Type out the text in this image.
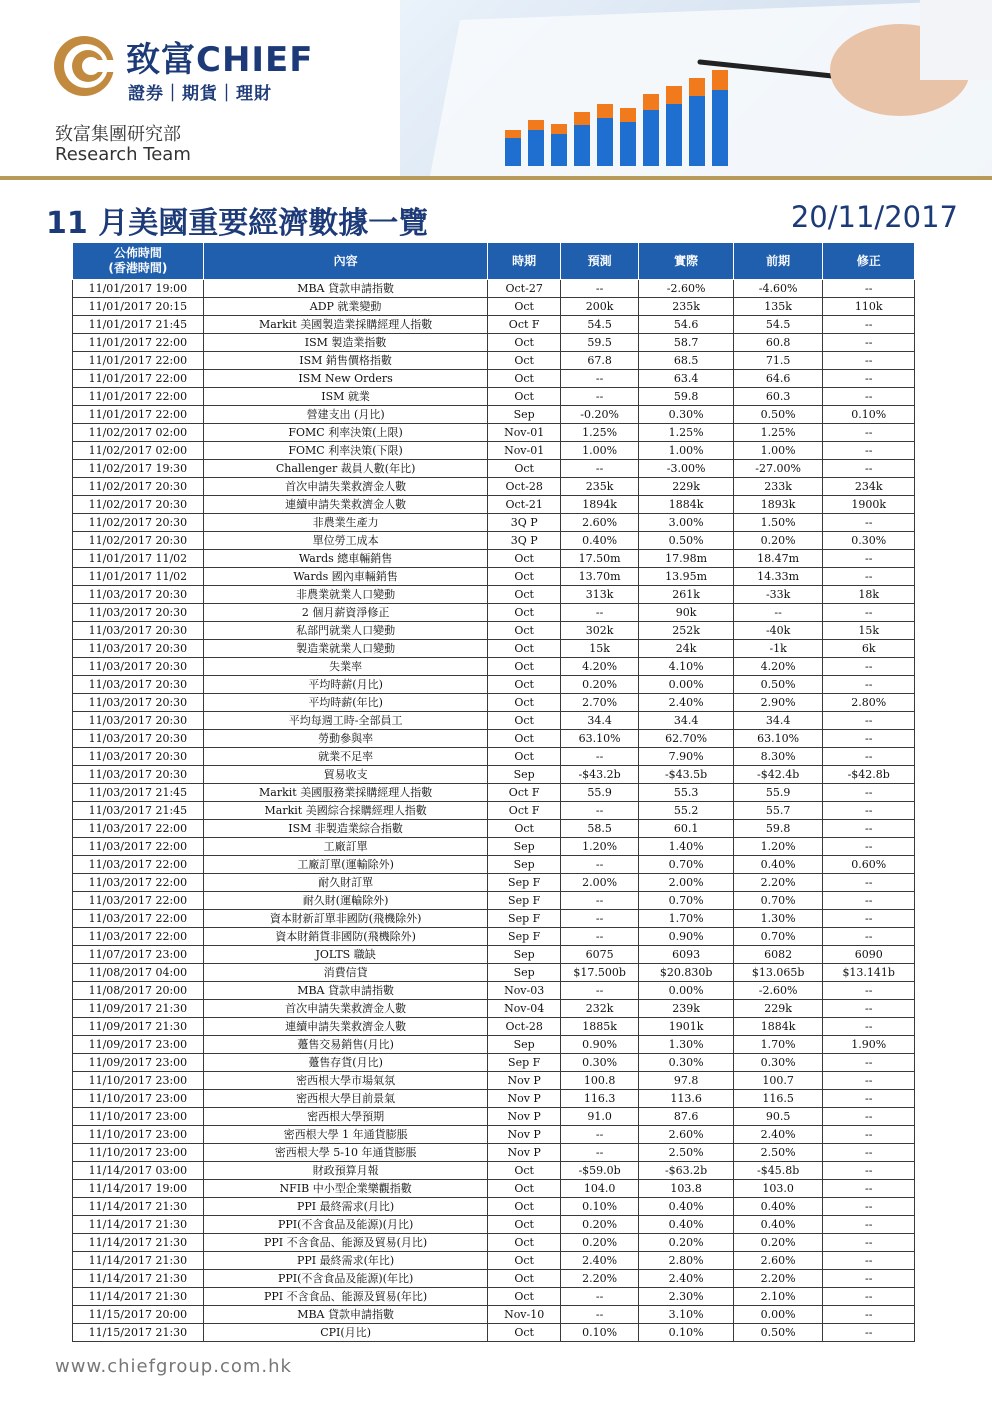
致富CHIEF
證券｜期貨｜理財
致富集團研究部
Research Team
11 月美國重要經濟數據一覽	20/11/2017
公佈時間
(香港時間)	內容	時期	預測	實際	前期	修正
11/01/2017 19:00	MBA 貸款申請指數	Oct-27	--	-2.60%	-4.60%	--
11/01/2017 20:15	ADP 就業變動	Oct	200k	235k	135k	110k
11/01/2017 21:45	Markit 美國製造業採購經理人指數	Oct F	54.5	54.6	54.5	--
11/01/2017 22:00	ISM 製造業指數	Oct	59.5	58.7	60.8	--
11/01/2017 22:00	ISM 銷售價格指數	Oct	67.8	68.5	71.5	--
11/01/2017 22:00	ISM New Orders	Oct	--	63.4	64.6	--
11/01/2017 22:00	ISM 就業	Oct	--	59.8	60.3	--
11/01/2017 22:00	營建支出 (月比)	Sep	-0.20%	0.30%	0.50%	0.10%
11/02/2017 02:00	FOMC 利率決策(上限)	Nov-01	1.25%	1.25%	1.25%	--
11/02/2017 02:00	FOMC 利率決策(下限)	Nov-01	1.00%	1.00%	1.00%	--
11/02/2017 19:30	Challenger 裁員人數(年比)	Oct	--	-3.00%	-27.00%	--
11/02/2017 20:30	首次申請失業救濟金人數	Oct-28	235k	229k	233k	234k
11/02/2017 20:30	連續申請失業救濟金人數	Oct-21	1894k	1884k	1893k	1900k
11/02/2017 20:30	非農業生產力	3Q P	2.60%	3.00%	1.50%	--
11/02/2017 20:30	單位勞工成本	3Q P	0.40%	0.50%	0.20%	0.30%
11/01/2017 11/02	Wards 總車輛銷售	Oct	17.50m	17.98m	18.47m	--
11/01/2017 11/02	Wards 國內車輛銷售	Oct	13.70m	13.95m	14.33m	--
11/03/2017 20:30	非農業就業人口變動	Oct	313k	261k	-33k	18k
11/03/2017 20:30	2 個月薪資淨修正	Oct	--	90k	--	--
11/03/2017 20:30	私部門就業人口變動	Oct	302k	252k	-40k	15k
11/03/2017 20:30	製造業就業人口變動	Oct	15k	24k	-1k	6k
11/03/2017 20:30	失業率	Oct	4.20%	4.10%	4.20%	--
11/03/2017 20:30	平均時薪(月比)	Oct	0.20%	0.00%	0.50%	--
11/03/2017 20:30	平均時薪(年比)	Oct	2.70%	2.40%	2.90%	2.80%
11/03/2017 20:30	平均每週工時-全部員工	Oct	34.4	34.4	34.4	--
11/03/2017 20:30	勞動參與率	Oct	63.10%	62.70%	63.10%	--
11/03/2017 20:30	就業不足率	Oct	--	7.90%	8.30%	--
11/03/2017 20:30	貿易收支	Sep	-$43.2b	-$43.5b	-$42.4b	-$42.8b
11/03/2017 21:45	Markit 美國服務業採購經理人指數	Oct F	55.9	55.3	55.9	--
11/03/2017 21:45	Markit 美國綜合採購經理人指數	Oct F	--	55.2	55.7	--
11/03/2017 22:00	ISM 非製造業綜合指數	Oct	58.5	60.1	59.8	--
11/03/2017 22:00	工廠訂單	Sep	1.20%	1.40%	1.20%	--
11/03/2017 22:00	工廠訂單(運輸除外)	Sep	--	0.70%	0.40%	0.60%
11/03/2017 22:00	耐久財訂單	Sep F	2.00%	2.00%	2.20%	--
11/03/2017 22:00	耐久財(運輸除外)	Sep F	--	0.70%	0.70%	--
11/03/2017 22:00	資本財新訂單非國防(飛機除外)	Sep F	--	1.70%	1.30%	--
11/03/2017 22:00	資本財銷貨非國防(飛機除外)	Sep F	--	0.90%	0.70%	--
11/07/2017 23:00	JOLTS 職缺	Sep	6075	6093	6082	6090
11/08/2017 04:00	消費信貸	Sep	$17.500b	$20.830b	$13.065b	$13.141b
11/08/2017 20:00	MBA 貸款申請指數	Nov-03	--	0.00%	-2.60%	--
11/09/2017 21:30	首次申請失業救濟金人數	Nov-04	232k	239k	229k	--
11/09/2017 21:30	連續申請失業救濟金人數	Oct-28	1885k	1901k	1884k	--
11/09/2017 23:00	躉售交易銷售(月比)	Sep	0.90%	1.30%	1.70%	1.90%
11/09/2017 23:00	躉售存貨(月比)	Sep F	0.30%	0.30%	0.30%	--
11/10/2017 23:00	密西根大學市場氣氛	Nov P	100.8	97.8	100.7	--
11/10/2017 23:00	密西根大學目前景氣	Nov P	116.3	113.6	116.5	--
11/10/2017 23:00	密西根大學預期	Nov P	91.0	87.6	90.5	--
11/10/2017 23:00	密西根大學 1 年通貨膨脹	Nov P	--	2.60%	2.40%	--
11/10/2017 23:00	密西根大學 5-10 年通貨膨脹	Nov P	--	2.50%	2.50%	--
11/14/2017 03:00	財政預算月報	Oct	-$59.0b	-$63.2b	-$45.8b	--
11/14/2017 19:00	NFIB 中小型企業樂觀指數	Oct	104.0	103.8	103.0	--
11/14/2017 21:30	PPI 最終需求(月比)	Oct	0.10%	0.40%	0.40%	--
11/14/2017 21:30	PPI(不含食品及能源)(月比)	Oct	0.20%	0.40%	0.40%	--
11/14/2017 21:30	PPI 不含食品、能源及貿易(月比)	Oct	0.20%	0.20%	0.20%	--
11/14/2017 21:30	PPI 最終需求(年比)	Oct	2.40%	2.80%	2.60%	--
11/14/2017 21:30	PPI(不含食品及能源)(年比)	Oct	2.20%	2.40%	2.20%	--
11/14/2017 21:30	PPI 不含食品、能源及貿易(年比)	Oct	--	2.30%	2.10%	--
11/15/2017 20:00	MBA 貸款申請指數	Nov-10	--	3.10%	0.00%	--
11/15/2017 21:30	CPI(月比)	Oct	0.10%	0.10%	0.50%	--
www.chiefgroup.com.hk
